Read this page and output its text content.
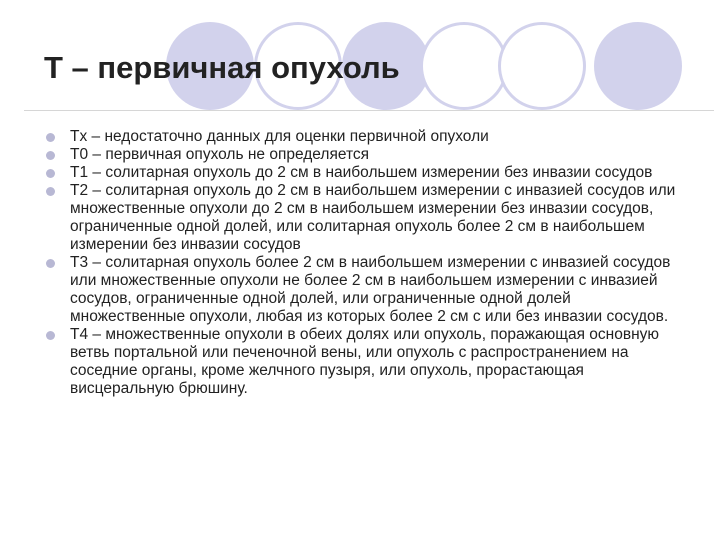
Т – первичная опухоль
Tx – недостаточно данных для оценки первичной опухоли
T0 – первичная опухоль не определяется
T1 – солитарная опухоль до 2 см в наибольшем измерении без инвазии сосудов
T2 – солитарная опухоль до 2 см в наибольшем измерении с инвазией сосудов или множественные опухоли до 2 см в наибольшем измерении без инвазии сосудов, ограниченные одной долей, или солитарная опухоль более 2 см в наибольшем измерении без инвазии сосудов
T3 – солитарная опухоль более 2 см в наибольшем измерении с инвазией сосудов или множественные опухоли не более 2 см в наибольшем измерении с инвазией сосудов, ограниченные одной долей, или ограниченные одной долей множественные опухоли, любая из которых более 2 см с или без инвазии сосудов.
T4 – множественные опухоли в обеих долях или опухоль, поражающая основную ветвь портальной или печеночной вены, или опухоль с распространением на соседние органы, кроме желчного пузыря, или опухоль, прорастающая висцеральную брюшину.
